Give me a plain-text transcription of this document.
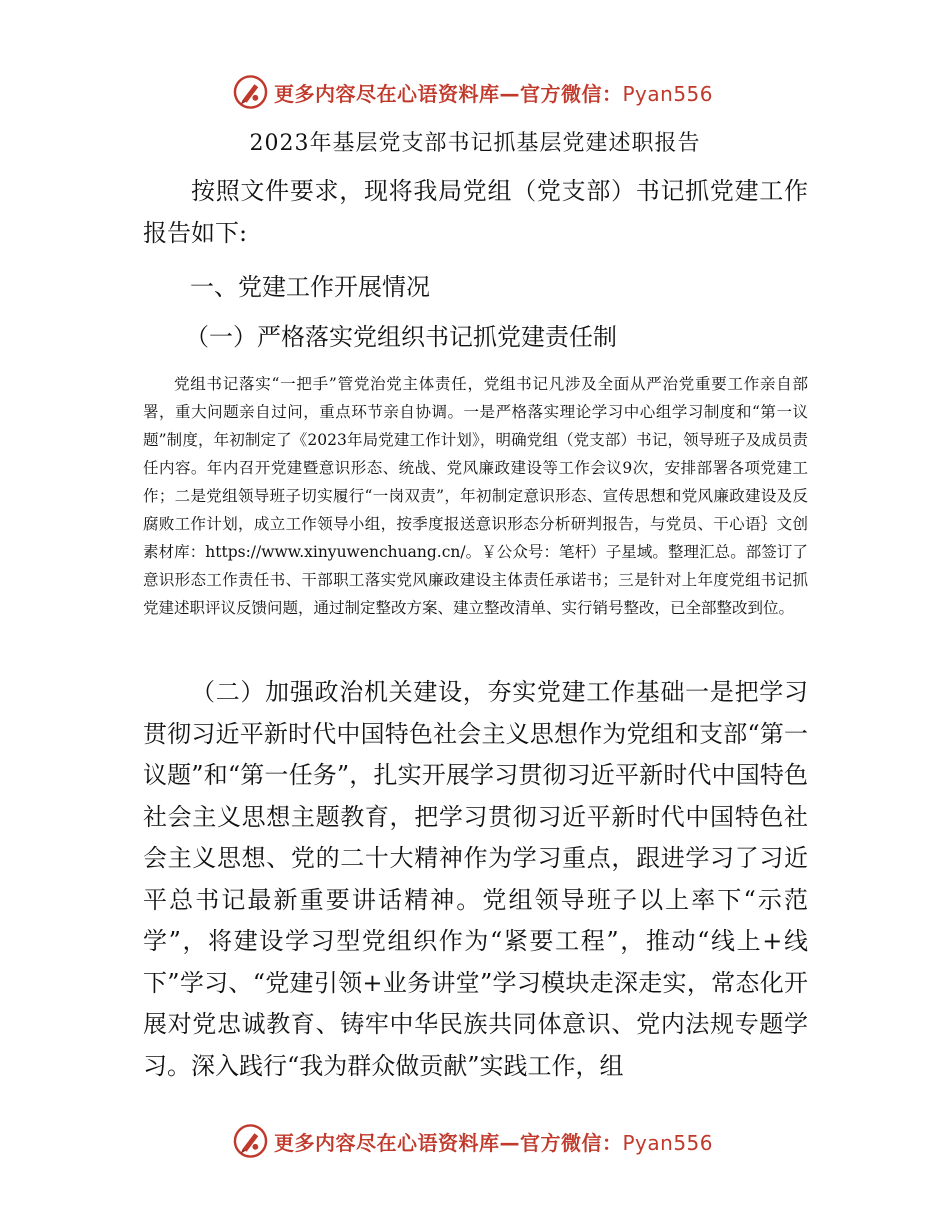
更多内容尽在心语资料库—官方微信：Pyan556
2023年基层党支部书记抓基层党建述职报告
按照文件要求，现将我局党组（党支部）书记抓党建工作报告如下:
一、党建工作开展情况
（一）严格落实党组织书记抓党建责任制
党组书记落实“一把手”管党治党主体责任，党组书记凡涉及全面从严治党重要工作亲自部署，重大问题亲自过问，重点环节亲自协调。一是严格落实理论学习中心组学习制度和“第一议题”制度，年初制定了《2023年局党建工作计划》，明确党组（党支部）书记，领导班子及成员责任内容。年内召开党建暨意识形态、统战、党风廉政建设等工作会议9次，安排部署各项党建工作；二是党组领导班子切实履行“一岗双责”，年初制定意识形态、宣传思想和党风廉政建设及反腐败工作计划，成立工作领导小组，按季度报送意识形态分析研判报告，与党员、干心语｝文创素材库：https://www.xinyuwenchuang.cn/。￥公众号：笔杆）子星域。整理汇总。部签订了意识形态工作责任书、干部职工落实党风廉政建设主体责任承诺书；三是针对上年度党组书记抓党建述职评议反馈问题，通过制定整改方案、建立整改清单、实行销号整改，已全部整改到位。
（二）加强政治机关建设，夯实党建工作基础一是把学习贯彻习近平新时代中国特色社会主义思想作为党组和支部“第一议题”和“第一任务”，扎实开展学习贯彻习近平新时代中国特色社会主义思想主题教育，把学习贯彻习近平新时代中国特色社会主义思想、党的二十大精神作为学习重点，跟进学习了习近平总书记最新重要讲话精神。党组领导班子以上率下“示范学”，将建设学习型党组织作为“紧要工程”，推动“线上+线下”学习、“党建引领+业务讲堂”学习模块走深走实，常态化开展对党忠诚教育、铸牢中华民族共同体意识、党内法规专题学习。深入践行“我为群众做贡献”实践工作，组
更多内容尽在心语资料库—官方微信：Pyan556
